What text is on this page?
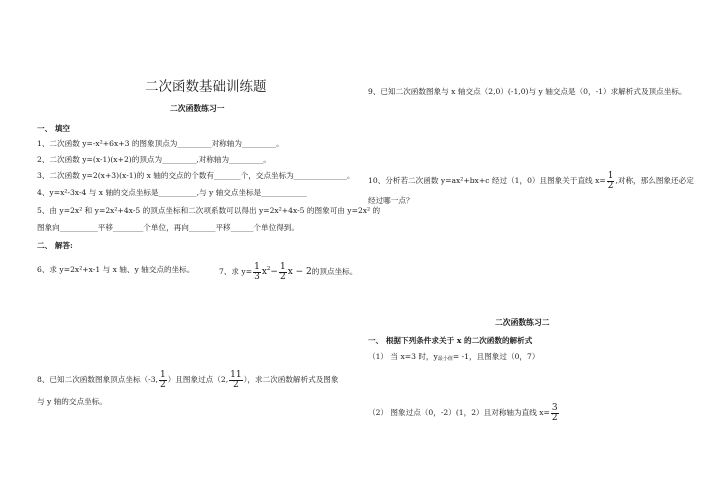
二次函数基础训练题
二次函数练习一
一、 填空
1、二次函数 y=-x²+6x+3 的图象顶点为_________对称轴为_________。
2、二次函数 y=(x-1)(x+2)的顶点为_________,对称轴为_________。
3、二次函数 y=2(x+3)(x-1)的 x 轴的交点的个数有_______个，交点坐标为______________。
4、y=x²-3x-4 与 x 轴的交点坐标是__________,与 y 轴交点坐标是____________
5、由 y=2x² 和 y=2x²+4x-5 的顶点坐标和二次项系数可以得出 y=2x²+4x-5 的图象可由 y=2x² 的
图象向__________平移________个单位，再向_______平移______个单位得到。
二、 解答:
6、求 y=2x²+x-1 与 x 轴、y 轴交点的坐标。	7、求 $y= \frac{1}{3} x^2- \frac{1}{2}$ x − 2的顶点坐标。
8、已知二次函数图象顶点坐标（-3, $\frac{1}{2}$ ）且图象过点（2, $\frac{11}{2}$ ），求二次函数解析式及图象
与 y 轴的交点坐标。
9、已知二次函数图象与 x 轴交点（2,0）(-1,0)与 y 轴交点是（0，-1）求解析式及顶点坐标。
10、分析若二次函数 y=ax²+bx+c 经过（1，0）且图象关于直线 $x= \frac{1}{2}$ ,对称，那么图象还必定
经过哪一点？
二次函数练习二
一、 根据下列条件求关于 x 的二次函数的解析式
（1） 当 x=3 时，y最小值= -1，且图象过（0，7）
（2） 图象过点（0，-2）(1，2）且对称轴为直线 $x= \frac{3}{2}$
